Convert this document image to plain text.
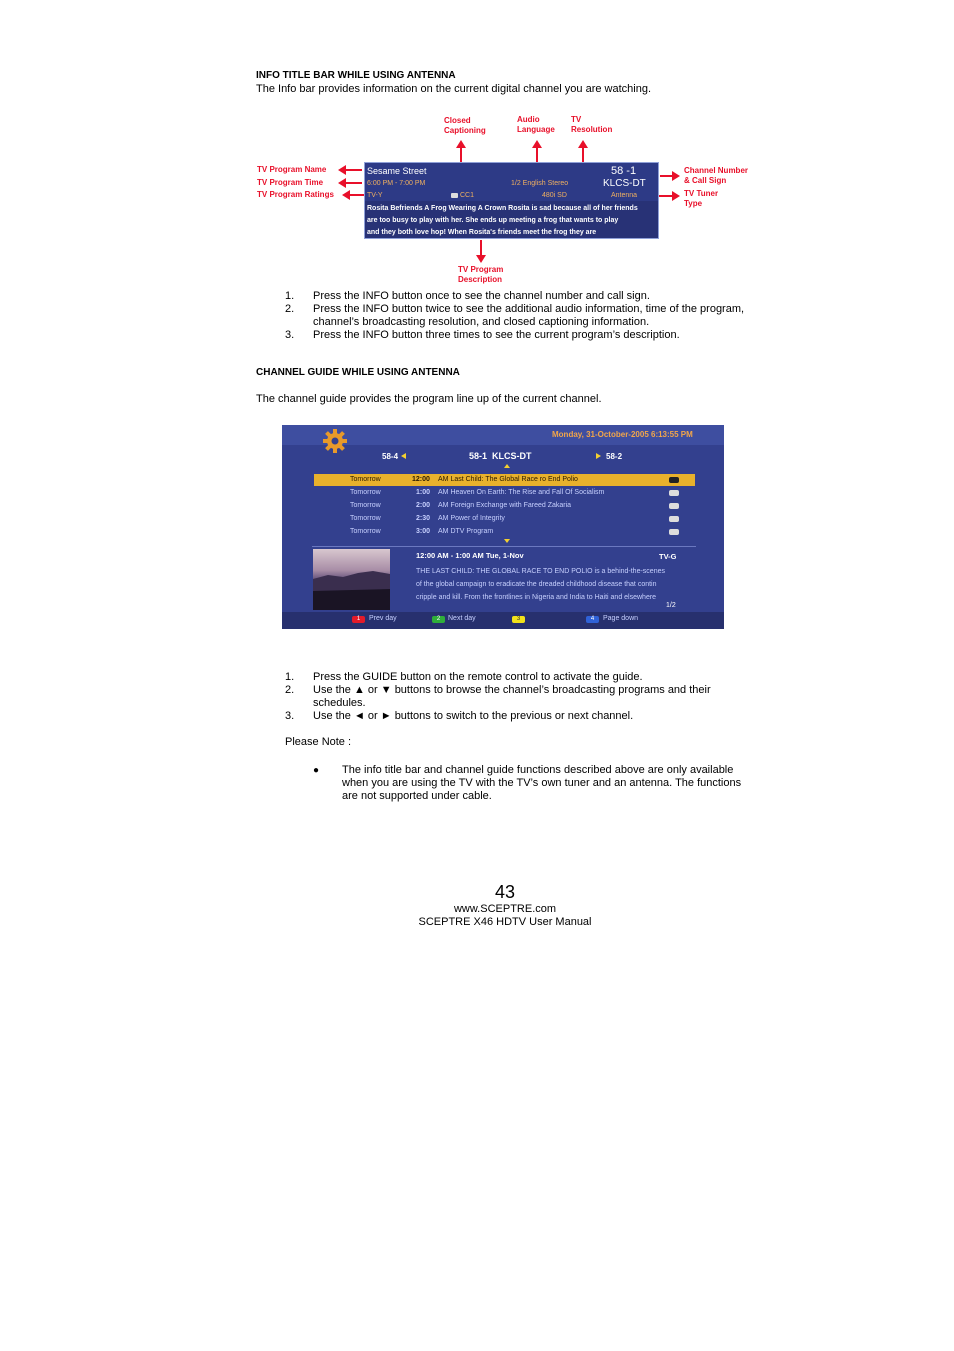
INFO TITLE BAR WHILE USING ANTENNA
The Info bar provides information on the current digital channel you are watching.
Closed
Captioning
Audio
Language
TV
Resolution
TV Program Name
TV Program Time
TV Program Ratings
Channel Number
& Call Sign
TV Tuner
Type
Sesame Street
6:00 PM - 7:00 PM
TV-Y	CC1
1/2 English Stereo
480i SD
58 -1
KLCS-DT
Antenna
Rosita Befriends A Frog Wearing A Crown Rosita is sad because all of her friends
are too busy to play with her. She ends up meeting a frog that wants to play
and they both love hop! When Rosita's friends meet the frog they are
TV Program
Description
1.	Press the INFO button once to see the channel number and call sign.
2.	Press the INFO button twice to see the additional audio information, time of the program,
channel’s broadcasting resolution, and closed captioning information.
3.	Press the INFO button three times to see the current program’s description.
CHANNEL GUIDE WHILE USING ANTENNA
The channel guide provides the program line up of the current channel.
Monday, 31-October-2005 6:13:55 PM
58-4	58-1  KLCS-DT	58-2
Tomorrow	12:00 AM Last Child: The Global Race ro End Polio
Tomorrow	1:00 AM Heaven On Earth: The Rise and Fall Of Socialism
Tomorrow	2:00 AM Foreign Exchange with Fareed Zakaria
Tomorrow	2:30 AM Power of Integrity
Tomorrow	3:00 AM DTV Program
12:00 AM - 1:00 AM Tue, 1-Nov	TV-G
THE LAST CHILD: THE GLOBAL RACE TO END POLIO is a behind-the-scenes
of the global campaign to eradicate the dreaded childhood disease that contin
cripple and kill. From the frontlines in Nigeria and India to Haiti and elsewhere
1/2
1	Prev day	2	Next day	3	4	Page down
1.	Press the GUIDE button on the remote control to activate the guide.
2.	Use the ▲ or ▼ buttons to browse the channel’s broadcasting programs and their
schedules.
3.	Use the ◄ or ► buttons to switch to the previous or next channel.
Please Note :
● The info title bar and channel guide functions described above are only available
when you are using the TV with the TV’s own tuner and an antenna. The functions
are not supported under cable.
43
www.SCEPTRE.com
SCEPTRE X46 HDTV User Manual
